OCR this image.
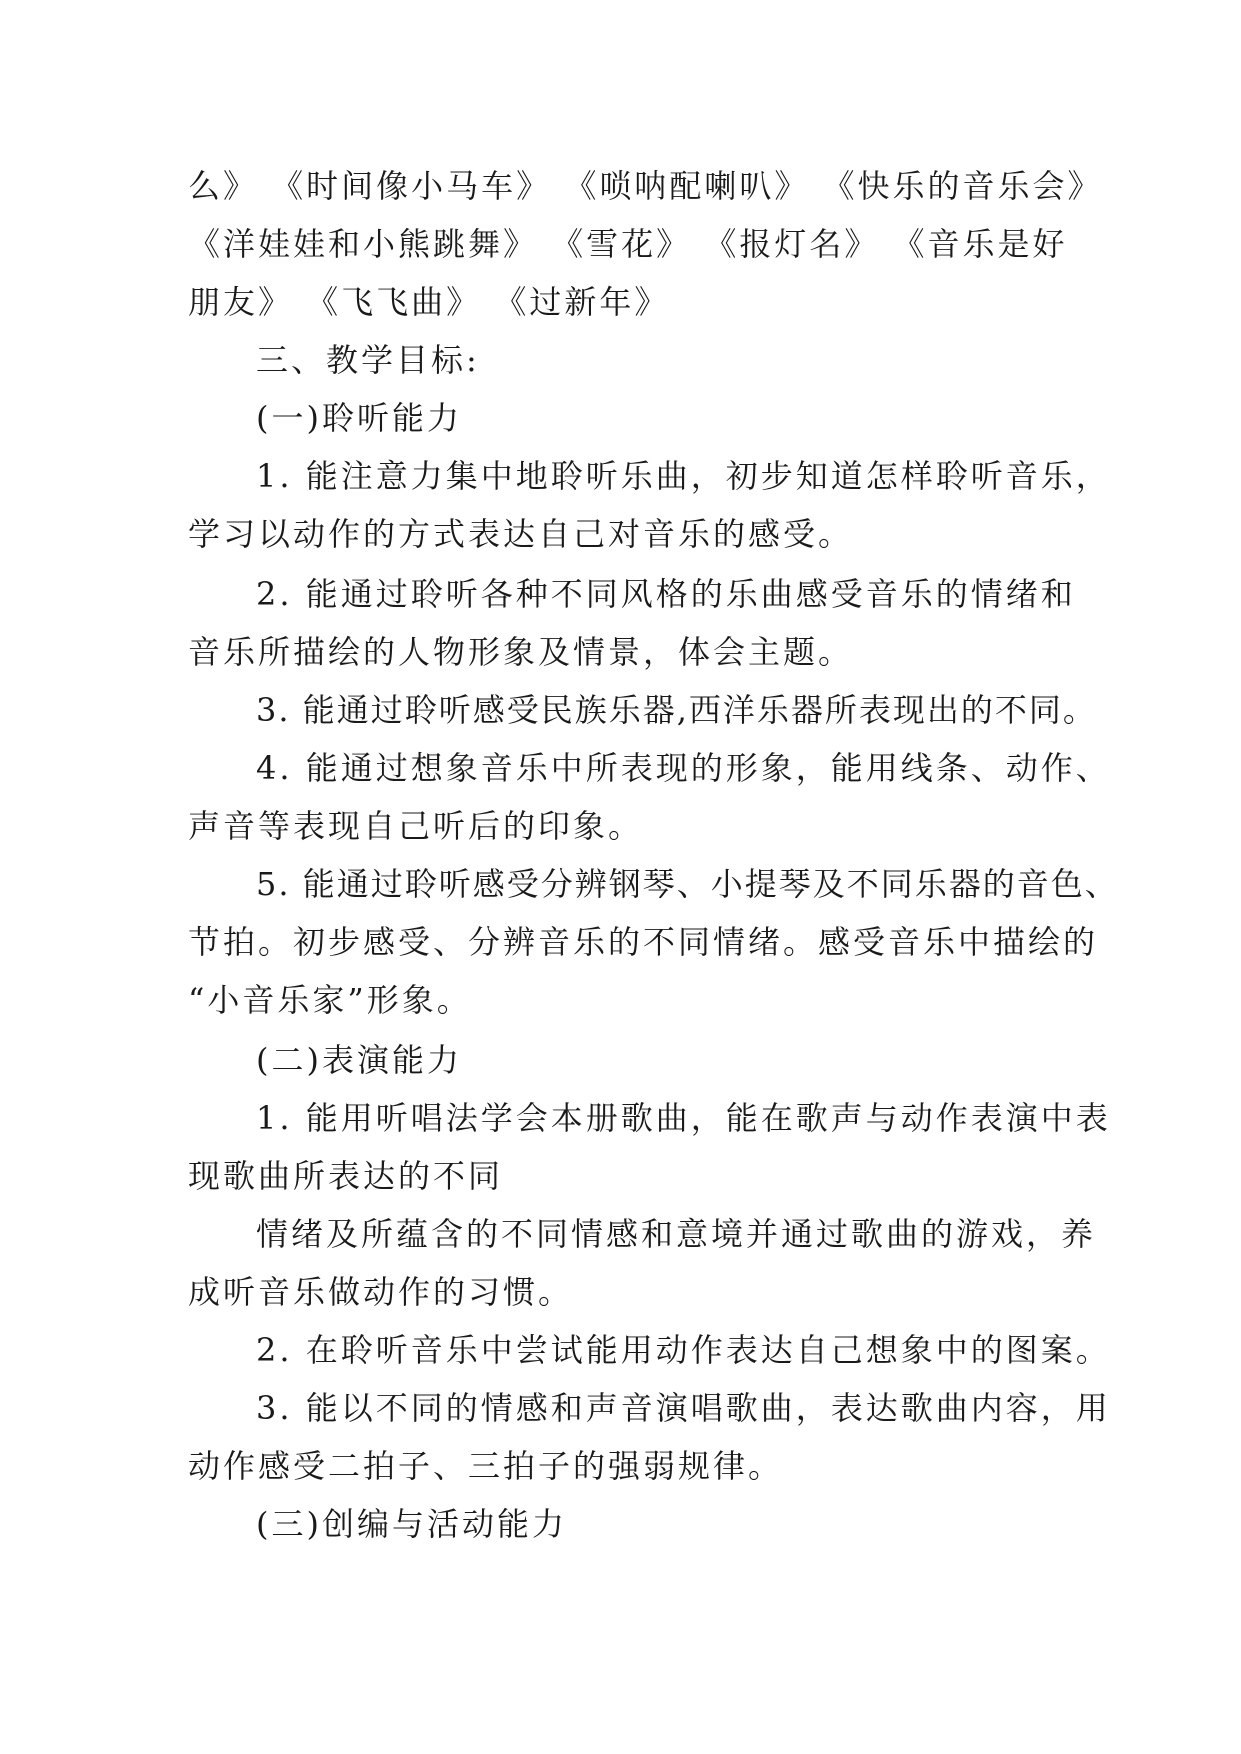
么》 《时间像小马车》 《唢呐配喇叭》 《快乐的音乐会》
《洋娃娃和小熊跳舞》 《雪花》 《报灯名》 《音乐是好
朋友》 《飞飞曲》 《过新年》
三、教学目标:
(一)聆听能力
1. 能注意力集中地聆听乐曲，初步知道怎样聆听音乐，
学习以动作的方式表达自己对音乐的感受。
2. 能通过聆听各种不同风格的乐曲感受音乐的情绪和
音乐所描绘的人物形象及情景，体会主题。
3. 能通过聆听感受民族乐器,西洋乐器所表现出的不同。
4. 能通过想象音乐中所表现的形象，能用线条、动作、
声音等表现自己听后的印象。
5. 能通过聆听感受分辨钢琴、小提琴及不同乐器的音色、
节拍。初步感受、分辨音乐的不同情绪。感受音乐中描绘的
“小音乐家”形象。
(二)表演能力
1. 能用听唱法学会本册歌曲，能在歌声与动作表演中表
现歌曲所表达的不同
情绪及所蕴含的不同情感和意境并通过歌曲的游戏，养
成听音乐做动作的习惯。
2. 在聆听音乐中尝试能用动作表达自己想象中的图案。
3. 能以不同的情感和声音演唱歌曲，表达歌曲内容，用
动作感受二拍子、三拍子的强弱规律。
(三)创编与活动能力
